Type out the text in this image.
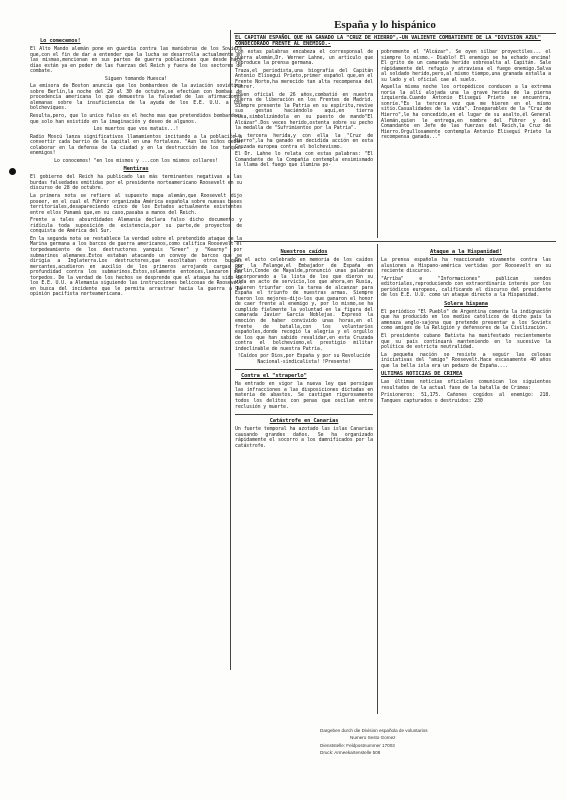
Lo comecemos!

El Alto Mando alemán pone en guardia contra las maniobras de los Soviets que,con el fin de dar a entender que la lucha se desarrolla actualmente en las mismas,mencionan en sus partes de guerra poblaciones que desde hace días están ya en poder de las fuerzas del Reich y fuera de los sectores de combate.

Siguen tomando Huesca!

La emisora de Boston anuncia que los bombardeos de la aviación soviética sobre Berlín,la noche del 29 al 30 de octubre,se efectúan con bombas de procedencia americana lo que demuestra la falsedad de las afirmaciones alemanas sobre la insuficiencia de la ayuda de los E.E. U.U. a los bolcheviques.

Resulta,pero, que lo unico falso es el hecho mas que pretendidos bombardeos que solo han existido en la imaginación y deseo de algunos.

Los muertos que vos matais...!

Radio Moscú lanza significativos llamamientos incitando a la población a convertir cada barrio de la capital en una fortaleza. "Aun les niños deben colaborar en la defensa de la ciudad y en la destrucción de los tanques enemigos!

Lo conocemos! "en los mismos y ...con los mismos collares!

Mentiras

El gobierno del Reich ha publicado las más terminantes negativas a las burdas falsedades emitidas por el presidente norteamericano Roosevelt en su discurso de 28 de octubre.

La primera nota se refiere al supuesto mapa alemán,que Roosevelt dijo poseer, en el cual el Führer organizaba América española sobre nuevas bases territoriales,desapareciendo cinco de los Estados actualmente existentes entre ellos Panamá que,en su caso,pasaba a manos del Reich.

Frente a tales absurdidades Alemania declara falso dicho documento y ridícula toda suposición de existencia,por su parte,de proyectos de conquista de América del Sur.

En la segunda nota se restablece la verdad sobre el pretendido ataque de la Marina germana a los barcos de guerra americanos,como califica Roosevelt el torpedeamiento de los destructores yanquis "Greer" y "Kearny" por submarinos alemanes.Estos estaban atacando un convoy de barcos que se dirigía a Inglaterra.Los destructores,que escoltaban otros buques mercantes,acudieron en auxilio de los primeros arrojando cargas de profundidad contra los submarinos.Estos,solamente entonces,lanzaron sus torpedos. De la verdad de los hechos se desprende que el ataque ha sido de los E.E. U.U. a Alemania siguiendo las instrucciones belicosas de Roosevelt en busca del incidente que le permita arrastrar hacia la guerra a la opinión pacifista norteamericana.

España y lo hispánico
EL CAPITAN ESPAÑOL QUE HA GANADO LA "CRUZ DE HIERRO",-UN VALIENTE COMBATIENTE DE LA "DIVISION AZUL" CONDECORADO FRENTE AL ENEMIGO.-

Con estas palabras encabeza el corresponsal de guerra alemán,Dr. Werner Lahne, un artículo que reproduce la prensa germana.

Traza,el periodista,una biografía del Capitán Antonio Eliseguí Prieto,primer español que,en el Frente Norte,ha merecido tan alta recompensa del Führer.

Joven oficial de 26 años,combatió en nuestra guerra de liberación en los Frentes de Madrid. Siempre presente la Patria en su espíritu,revive sus gestas haciéndolo aquí,en tierra rusa,simbolizándola en su puesto de mando"El Alcázar".Dos veces herido,ostenta sobre su pecho la medalla de "Sufrimientos por la Patria".

La tercera herida,y con ella la "Cruz de Hierro",la ha ganado en decidida acción en esta Cruzada europea contra el bolchevismo.

El Dr. Lahne lo relata con estas palabras: "El Comandante de la Compañía contempla ensimismado la llama del fuego que ilumina po-

pobremente el "Alcázar". Se oyen silbar proyectiles... el siempre lo mismo.- Diablo! El enemigo se ha echado encima! El grito de un camarada herido sobresalta al Capitán. Sale rápidamente del refugio y atraviesa el fuego enemigo.Salva al soldado herido,pero,al mismo tiempo,una granada estalla a su lado y el oficial cae al suelo.

Aquella misma noche los ortopédicos conducen a la extrema noria la allí alojada una la grave herida de la pierna izquierda.Cuando Antonio Eliseguí Prieto se encuentra, sonríe."Es la tercera vez que me hieren en el mismo sitio.Casualidades de la vida". Inseparables de la "Cruz de Hierro",le ha concedido,en el lugar de su asalto,él General Alemán,quien le entrega,en nombre del Führer y del Comandante en Jefe de las fuerzas del Reich,la Cruz de Hierro.Orgullosamente contempla Antonio Eliseguí Prieto la recompensa ganada..."

Nuestros caídos

En el acto celebrado en memoria de los caídos por la Falange,el Embajador de España en Berlín,Conde de Mayalde,pronunció unas palabras incorporando a la lista de los que dieron su vida en acto de servicio,los que ahora,en Rusia, quieren triunfar con la tarea de alcanzar para España el triunfo de nuestras armas. Siempre fueron los mejores-dijo-los que ganaron el honor de caer frente al enemigo y, por lo mismo,se ha cumplido fielmente la voluntad en la figura del camarada Javier García Noblejas. Expresó la emoción de haber convivido unas horas,en el frente de batalla,con los voluntarios españoles,donde recogió la alegría y el orgullo de los que han sabido revalidar,en esta Cruzada contra el bolchevismo,el prestigio militar indeclinable de nuestra Patria.

!Caídos por Dios,por España y por su Revolución Nacional-sindicalista! !Presente!

Contra el "straperlo"

Ha entrado en vigor la nueva ley que persigue las infracciones a las disposiciones dictadas en materia de abastos. Se castigan rigurosamente todos los delitos con penas que oscilan entre reclusión y muerte.

Catástrofe en Canarias

Un fuerte temporal ha azotado las islas Canarias causando grandes daños. Se ha organizado rápidamente el socorro a los damnificados por la catástrofe.

Ataque a la Hispanidad!

La prensa española ha reaccionado vivamente contra las alusiones a Hispano-américa vertidas por Roosevelt en su reciente discurso.

"Arriba" e "Informaciones" publican sendos editoriales,reproduciendo con extraordinario interés por los periódicos europeos, calificando el discurso del presidente de los E.E. U.U. como un ataque directo a la Hispanidad.

Solera hispana

El periódico "El Pueblo" de Argentina comenta la indignación que ha producido en los medios católicos de dicho país la amenaza anglo-sajona que pretende presentar a los Soviets como amigos de la Religión y defensores de la Civilización.

El presidente cubano Batista ha manifestado recientemente que su país continuará manteniendo en lo sucesivo la política de estricta neutralidad.

La pequeña nación se resiste a seguir las celosas iniciativas del "amigo" Roosevelt.Hace escasamente 40 años que la bella isla era un pedazo de España....

ULTIMAS NOTICIAS DE CRIMEA

Las últimas noticias oficiales comunican los siguientes resultados de la actual fase de la batalla de Crimea:

Prisioneros: 51,175. Cañones cogidos al enemigo: 218. Tanques capturados o destruidos: 230

Dargeben durch die Division española de voluntarios
Numero Sesto Gomez
Dienststelle: Feldpostnummer 17003
Druck: Armeekartenstelle 508
